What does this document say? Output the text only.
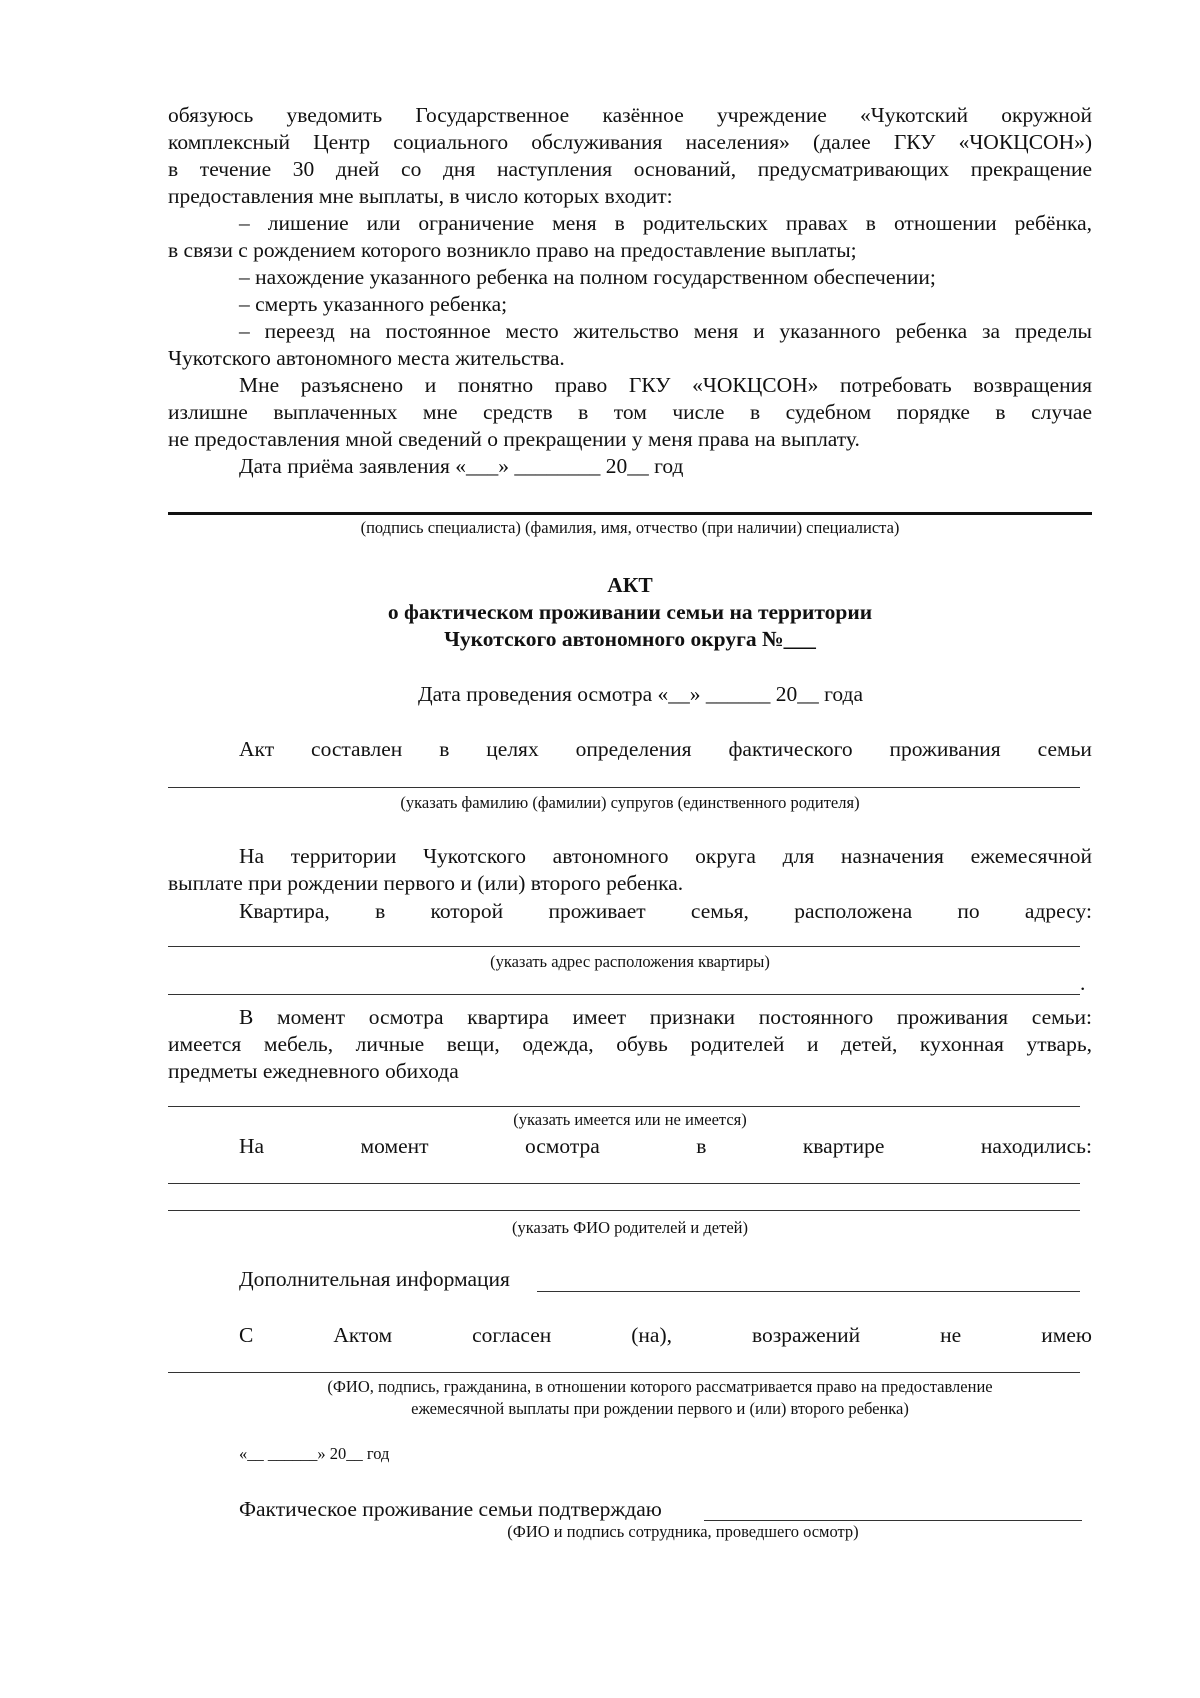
обязуюсь уведомить Государственное казённое учреждение «Чукотский окружной
комплексный Центр социального обслуживания населения» (далее ГКУ «ЧОКЦСОН»)
в течение 30 дней со дня наступления оснований, предусматривающих прекращение
предоставления мне выплаты, в число которых входит:
– лишение или ограничение меня в родительских правах в отношении ребёнка,
в связи с рождением которого возникло право на предоставление выплаты;
– нахождение указанного ребенка на полном государственном обеспечении;
– смерть указанного ребенка;
– переезд на постоянное место жительство меня и указанного ребенка за пределы
Чукотского автономного места жительства.
Мне разъяснено и понятно право ГКУ «ЧОКЦСОН» потребовать возвращения
излишне выплаченных мне средств в том числе в судебном порядке в случае
не предоставления мной сведений о прекращении у меня права на выплату.
Дата приёма заявления «___» ________ 20__ год
(подпись специалиста) (фамилия, имя, отчество (при наличии) специалиста)
АКТ
о фактическом проживании семьи на территории
Чукотского автономного округа №___
Дата проведения осмотра «__» ______ 20__ года
Акт составлен в целях определения фактического проживания семьи
(указать фамилию (фамилии) супругов (единственного родителя)
На территории Чукотского автономного округа для назначения ежемесячной
выплате при рождении первого и (или) второго ребенка.
Квартира, в которой проживает семья, расположена по адресу:
(указать адрес расположения квартиры)
.
В момент осмотра квартира имеет признаки постоянного проживания семьи:
имеется мебель, личные вещи, одежда, обувь родителей и детей, кухонная утварь,
предметы ежедневного обихода
(указать имеется или не имеется)
На	момент	осмотра	в	квартире	находились:
(указать ФИО родителей и детей)
Дополнительная информация
С	Актом	согласен	(на),	возражений	не	имею
(ФИО, подпись, гражданина, в отношении которого рассматривается право на предоставление
ежемесячной выплаты при рождении первого и (или) второго ребенка)
«__ ______» 20__ год
Фактическое проживание семьи подтверждаю
(ФИО и подпись сотрудника, проведшего осмотр)
